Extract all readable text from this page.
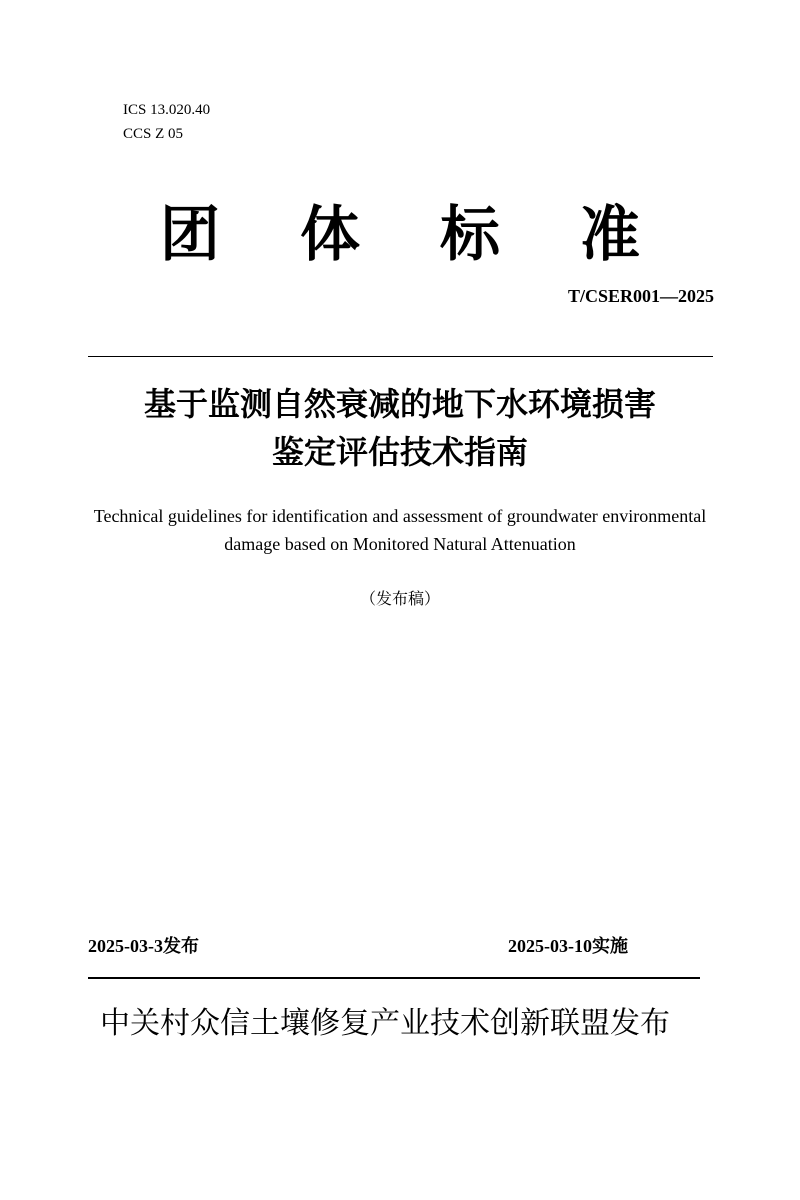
ICS 13.020.40
CCS Z 05
团 体 标 准
T/CSER001—2025
基于监测自然衰减的地下水环境损害
鉴定评估技术指南
Technical guidelines for identification and assessment of groundwater environmental
damage based on Monitored Natural Attenuation
（发布稿）
2025-03-3发布	2025-03-10实施
中关村众信土壤修复产业技术创新联盟发布
